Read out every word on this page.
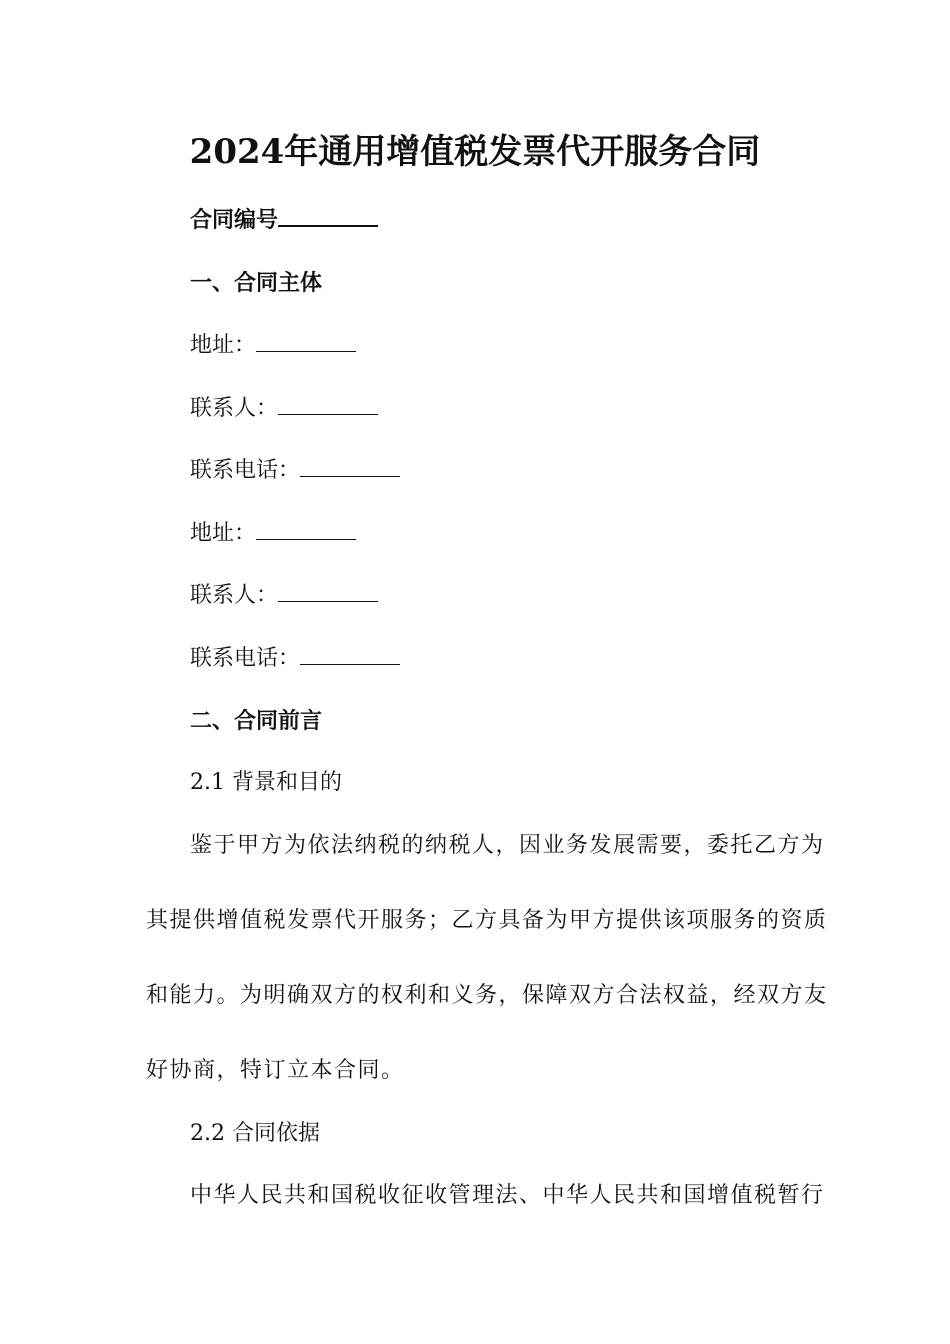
2024年通用增值税发票代开服务合同
合同编号
一、合同主体
地址：
联系人：
联系电话：
地址：
联系人：
联系电话：
二、合同前言
2.1 背景和目的
鉴于甲方为依法纳税的纳税人，因业务发展需要，委托乙方为
其提供增值税发票代开服务；乙方具备为甲方提供该项服务的资质
和能力。为明确双方的权利和义务，保障双方合法权益，经双方友
好协商，特订立本合同。
2.2 合同依据
中华人民共和国税收征收管理法、中华人民共和国增值税暂行
